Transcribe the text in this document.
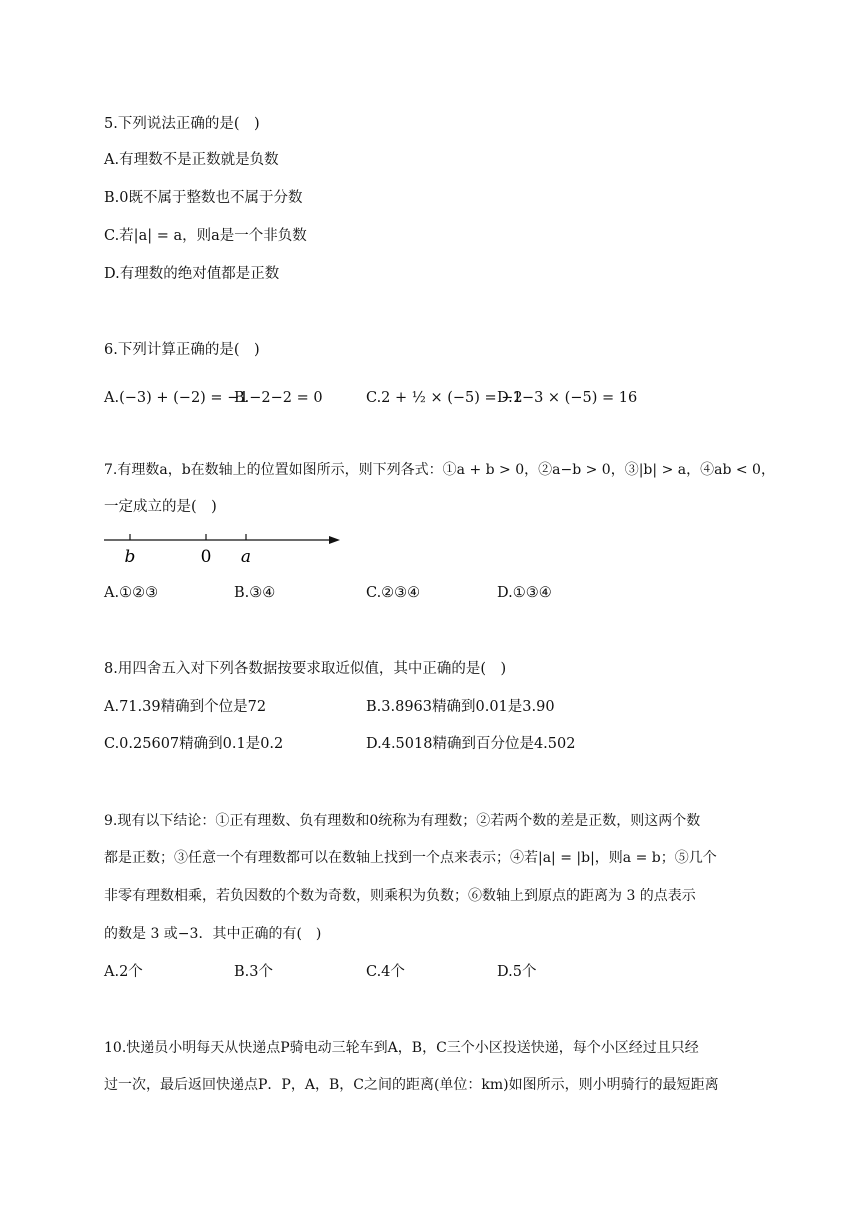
5.下列说法正确的是(　)
A.有理数不是正数就是负数
B.0既不属于整数也不属于分数
C.若|a| = a，则a是一个非负数
D.有理数的绝对值都是正数
6.下列计算正确的是(　)
A.(−3) + (−2) = −1
B.−2−2 = 0	C.2 + ½ × (−5) = −2
D.1−3 × (−5) = 16
7.有理数a，b在数轴上的位置如图所示，则下列各式：①a + b > 0，②a−b > 0，③|b| > a，④ab < 0，
一定成立的是(　)
b	0 a
A.①②③	B.③④	C.②③④	D.①③④
8.用四舍五入对下列各数据按要求取近似值，其中正确的是(　)
A.71.39精确到个位是72	B.3.8963精确到0.01是3.90
C.0.25607精确到0.1是0.2	D.4.5018精确到百分位是4.502
9.现有以下结论：①正有理数、负有理数和0统称为有理数；②若两个数的差是正数，则这两个数
都是正数；③任意一个有理数都可以在数轴上找到一个点来表示；④若|a| = |b|，则a = b；⑤几个
非零有理数相乘，若负因数的个数为奇数，则乘积为负数；⑥数轴上到原点的距离为 3 的点表示
的数是 3 或−3．其中正确的有(　)
A.2个	B.3个	C.4个	D.5个
10.快递员小明每天从快递点P骑电动三轮车到A，B，C三个小区投送快递，每个小区经过且只经
过一次，最后返回快递点P．P，A，B，C之间的距离(单位：km)如图所示，则小明骑行的最短距离
